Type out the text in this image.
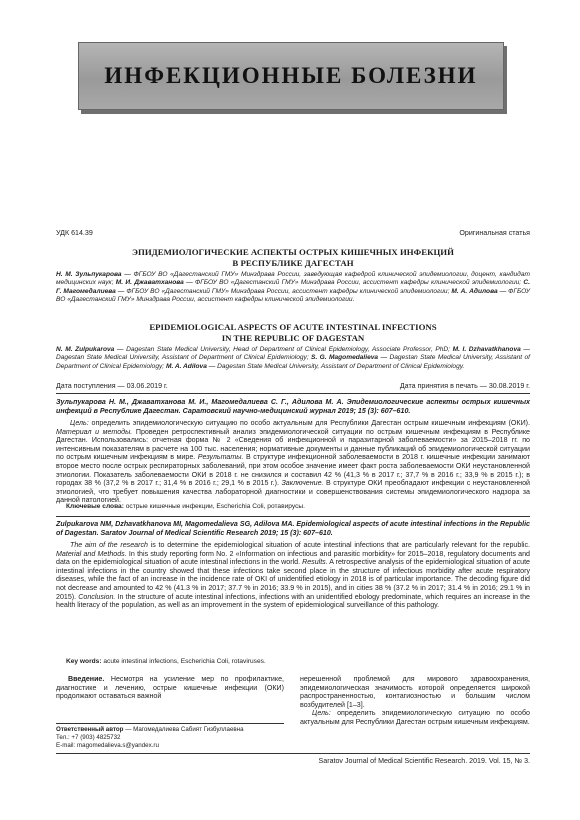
ИНФЕКЦИОННЫЕ БОЛЕЗНИ
УДК 614.39	Оригинальная статья
ЭПИДЕМИОЛОГИЧЕСКИЕ АСПЕКТЫ ОСТРЫХ КИШЕЧНЫХ ИНФЕКЦИЙ
В РЕСПУБЛИКЕ ДАГЕСТАН
Н. М. Зульпукарова — ФГБОУ ВО «Дагестанский ГМУ» Минздрава России, заведующая кафедрой клинической эпидемиологии, доцент, кандидат медицинских наук; М. И. Джаватханова — ФГБОУ ВО «Дагестанский ГМУ» Минздрава России, ассистент кафедры клинической эпидемиологии; С. Г. Магомедалиева — ФГБОУ ВО «Дагестанский ГМУ» Минздрава России, ассистент кафедры клинической эпидемиологии; М. А. Адилова — ФГБОУ ВО «Дагестанский ГМУ» Минздрава России, ассистент кафедры клинической эпидемиологии.
EPIDEMIOLOGICAL ASPECTS OF ACUTE INTESTINAL INFECTIONS
IN THE REPUBLIC OF DAGESTAN
N. M. Zulpukarova — Dagestan State Medical University, Head of Department of Clinical Epidemiology, Associate Professor, PhD; M. I. Dzhavatkhanova — Dagestan State Medical University, Assistant of Department of Clinical Epidemiology; S. G. Magomedalieva — Dagestan State Medical University, Assistant of Department of Clinical Epidemiology; M. A. Adilova — Dagestan State Medical University, Assistant of Department of Clinical Epidemiology.
Дата поступления — 03.06.2019 г.	Дата принятия в печать — 30.08.2019 г.
Зульпукарова Н. М., Джаватханова М. И., Магомедалиева С. Г., Адилова М. А. Эпидемиологические аспекты острых кишечных инфекций в Республике Дагестан. Саратовский научно-медицинский журнал 2019; 15 (3): 607–610.
Цель: определить эпидемиологическую ситуацию по особо актуальным для Республики Дагестан острым кишечным инфекциям (ОКИ). Материал и методы. Проведен ретроспективный анализ эпидемиологической ситуации по острым кишечным инфекциям в Республике Дагестан. Использовались: отчетная форма № 2 «Сведения об инфекционной и паразитарной заболеваемости» за 2015–2018 гг. по интенсивным показателям в расчете на 100 тыс. населения; нормативные документы и данные публикаций об эпидемиологической ситуации по острым кишечным инфекциям в мире. Результаты. В структуре инфекционной заболеваемости в 2018 г. кишечные инфекции занимают второе место после острых респираторных заболеваний, при этом особое значение имеет факт роста заболеваемости ОКИ неустановленной этиологии. Показатель заболеваемости ОКИ в 2018 г. не снизился и составил 42 % (41,3 % в 2017 г.; 37,7 % в 2016 г.; 33,9 % в 2015 г.); в городах 38 % (37,2 % в 2017 г.; 31,4 % в 2016 г.; 29,1 % в 2015 г.). Заключение. В структуре ОКИ преобладают инфекции с неустановленной этиологией, что требует повышения качества лабораторной диагностики и совершенствования системы эпидемиологического надзора за данной патологией.
Ключевые слова: острые кишечные инфекции, Escherichia Coli, ротавирусы.
Zulpukarova NM, Dzhavatkhanova MI, Magomedalieva SG, Adilova MA. Epidemiological aspects of acute intestinal infections in the Republic of Dagestan. Saratov Journal of Medical Scientific Research 2019; 15 (3): 607–610.
The aim of the research is to determine the epidemiological situation of acute intestinal infections that are particularly relevant for the republic. Material and Methods. In this study reporting form No. 2 «Information on infectious and parasitic morbidity» for 2015–2018, regulatory documents and data on the epidemiological situation of acute intestinal infections in the world. Results. A retrospective analysis of the epidemiological situation of acute intestinal infections in the country showed that these infections take second place in the structure of infectious morbidity after acute respiratory diseases, while the fact of an increase in the incidence rate of OKI of unidentified etiology in 2018 is of particular importance. The decoding figure did not decrease and amounted to 42 % (41.3 % in 2017; 37.7 % in 2016; 33.9 % in 2015), and in cities 38 % (37.2 % in 2017; 31.4 % in 2016; 29.1 % in 2015). Conclusion. In the structure of acute intestinal infections, infections with an unidentified ebology predominate, which requires an increase in the health literacy of the population, as well as an improvement in the system of epidemiological surveillance of this pathology.
Key words: acute intestinal infections, Escherichia Coli, rotaviruses.
Введение. Несмотря на усиление мер по профилактике, диагностике и лечению, острые кишечные инфекции (ОКИ) продолжают оставаться важной

нерешенной проблемой для мирового здравоохранения, эпидемиологическая значимость которой определяется широкой распространенностью, контагиозностью и большим числом возбудителей [1–3].

Цель: определить эпидемиологическую ситуацию по особо актуальным для Республики Дагестан острым кишечным инфекциям.

Ответственный автор — Магомедалиева Сабият Гизбуллаевна
Тел.: +7 (903) 4825732
E-mail: magomedalieva.s@yandex.ru
Saratov Journal of Medical Scientific Research. 2019. Vol. 15, № 3.
